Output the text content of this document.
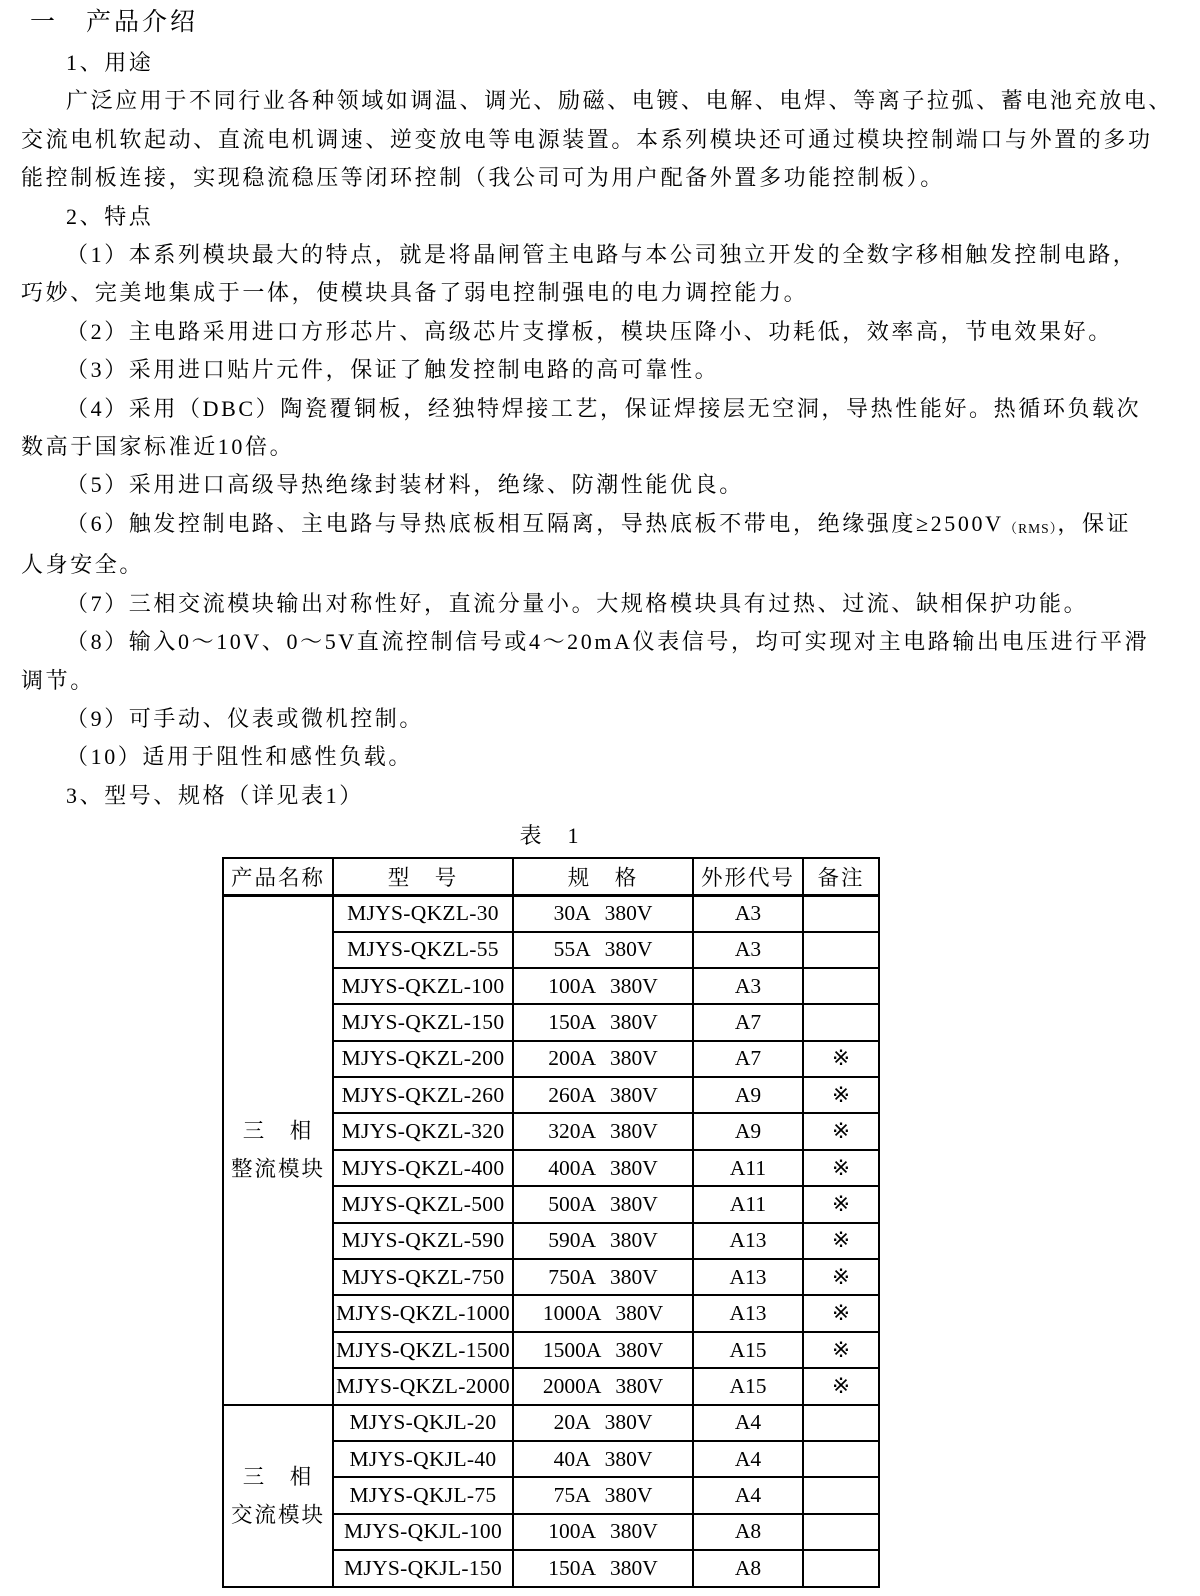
一　产品介绍
1、用途
广泛应用于不同行业各种领域如调温、调光、励磁、电镀、电解、电焊、等离子拉弧、蓄电池充放电、
交流电机软起动、直流电机调速、逆变放电等电源装置。本系列模块还可通过模块控制端口与外置的多功
能控制板连接，实现稳流稳压等闭环控制（我公司可为用户配备外置多功能控制板）。
2、特点
（1）本系列模块最大的特点，就是将晶闸管主电路与本公司独立开发的全数字移相触发控制电路，
巧妙、完美地集成于一体，使模块具备了弱电控制强电的电力调控能力。
（2）主电路采用进口方形芯片、高级芯片支撑板，模块压降小、功耗低，效率高，节电效果好。
（3）采用进口贴片元件，保证了触发控制电路的高可靠性。
（4）采用（DBC）陶瓷覆铜板，经独特焊接工艺，保证焊接层无空洞，导热性能好。热循环负载次
数高于国家标准近10倍。
（5）采用进口高级导热绝缘封装材料，绝缘、防潮性能优良。
（6）触发控制电路、主电路与导热底板相互隔离，导热底板不带电，绝缘强度≥2500V（RMS），保证
人身安全。
（7）三相交流模块输出对称性好，直流分量小。大规格模块具有过热、过流、缺相保护功能。
（8）输入0～10V、0～5V直流控制信号或4～20mA仪表信号，均可实现对主电路输出电压进行平滑
调节。
（9）可手动、仪表或微机控制。
（10）适用于阻性和感性负载。
3、型号、规格（详见表1）
表　1
产品名称	型　号	规　格	外形代号	备注

三　相
整流模块	MJYS-QKZL-30	30A 380V	A3	
	MJYS-QKZL-55	55A 380V	A3	
	MJYS-QKZL-100	100A 380V	A3	
	MJYS-QKZL-150	150A 380V	A7	
	MJYS-QKZL-200	200A 380V	A7	※
	MJYS-QKZL-260	260A 380V	A9	※
	MJYS-QKZL-320	320A 380V	A9	※
	MJYS-QKZL-400	400A 380V	A11	※
	MJYS-QKZL-500	500A 380V	A11	※
	MJYS-QKZL-590	590A 380V	A13	※
	MJYS-QKZL-750	750A 380V	A13	※
	MJYS-QKZL-1000	1000A 380V	A13	※
	MJYS-QKZL-1500	1500A 380V	A15	※
	MJYS-QKZL-2000	2000A 380V	A15	※

三　相
交流模块	MJYS-QKJL-20	20A 380V	A4	
	MJYS-QKJL-40	40A 380V	A4	
	MJYS-QKJL-75	75A 380V	A4	
	MJYS-QKJL-100	100A 380V	A8	
	MJYS-QKJL-150	150A 380V	A8	
